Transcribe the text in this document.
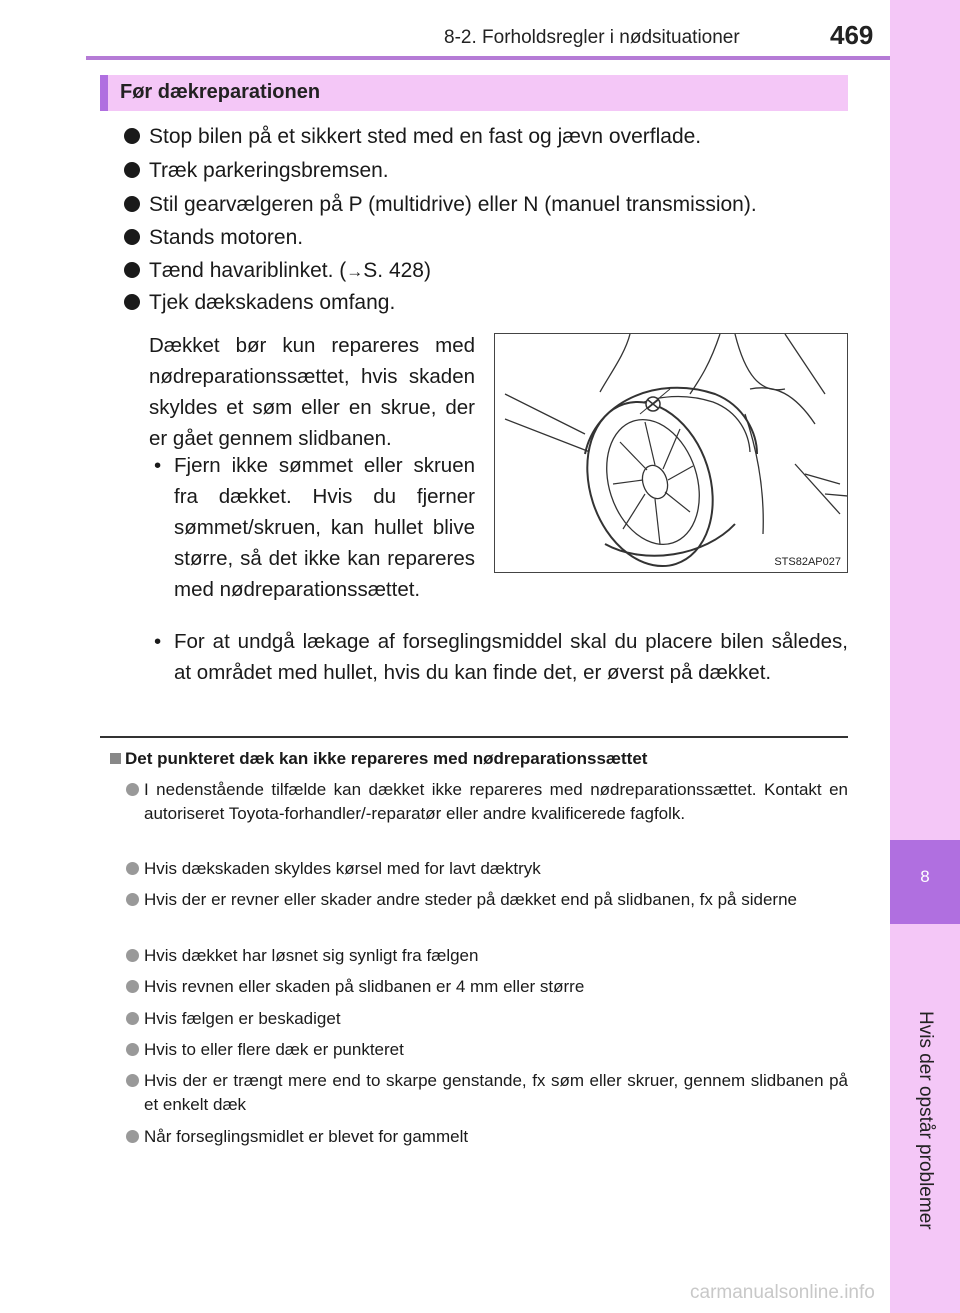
8-2. Forholdsregler i nødsituationer	469
8
Før dækreparationen
Stop bilen på et sikkert sted med en fast og jævn overflade.
Træk parkeringsbremsen.
Stil gearvælgeren på P (multidrive) eller N (manuel transmission).
Stands motoren.
Tænd havariblinket. (→S. 428)
Tjek dækskadens omfang.
Dækket bør kun repareres med nødreparationssættet, hvis skaden skyldes et søm eller en skrue, der er gået gennem slidbanen.
• Fjern ikke sømmet eller skruen fra dækket. Hvis du fjerner sømmet/skruen, kan hullet blive større, så det ikke kan repareres med nødreparationssættet.
• For at undgå lækage af forseglingsmiddel skal du placere bilen således, at området med hullet, hvis du kan finde det, er øverst på dækket.
STS82AP027
Det punkteret dæk kan ikke repareres med nødreparationssættet
I nedenstående tilfælde kan dækket ikke repareres med nødreparationssættet. Kontakt en autoriseret Toyota-forhandler/-reparatør eller andre kvalificerede fagfolk.
Hvis dækskaden skyldes kørsel med for lavt dæktryk
Hvis der er revner eller skader andre steder på dækket end på slidbanen, fx på siderne
Hvis dækket har løsnet sig synligt fra fælgen
Hvis revnen eller skaden på slidbanen er 4 mm eller større
Hvis fælgen er beskadiget
Hvis to eller flere dæk er punkteret
Hvis der er trængt mere end to skarpe genstande, fx søm eller skruer, gennem slidbanen på et enkelt dæk
Når forseglingsmidlet er blevet for gammelt
carmanualsonline.info
